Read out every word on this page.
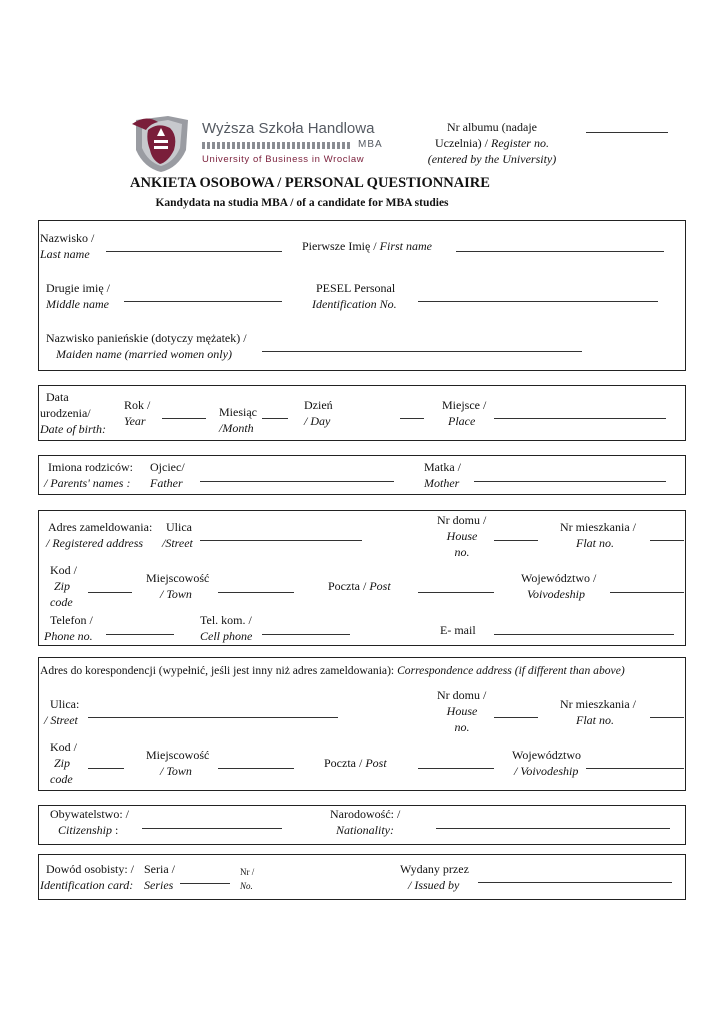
Wyższa Szkoła Handlowa
MBA
University of Business in Wroclaw
Nr albumu (nadaje
Uczelnia) / Register no.
(entered by the University)
ANKIETA OSOBOWA / PERSONAL QUESTIONNAIRE
Kandydata na studia MBA / of a candidate for MBA studies
Nazwisko /
Last name
Pierwsze Imię / First name
Drugie imię /
Middle name
PESEL Personal
Identification No.
Nazwisko panieńskie (dotyczy mężatek) /
Maiden name (married women only)
Data
urodzenia/
Date of birth:
Rok /
Year
Miesiąc
/Month
Dzień
/ Day
Miejsce /
Place
Imiona rodziców:
/ Parents' names :
Ojciec/
Father
Matka /
Mother
Adres zameldowania:
/ Registered address
Ulica
/Street
Nr domu /
House
no.
Nr mieszkania /
Flat no.
Kod /
Zip
code
Miejscowość
/ Town
Poczta / Post
Województwo /
Voivodeship
Telefon /
Phone no.
Tel. kom. /
Cell phone	E- mail
Adres do korespondencji (wypełnić, jeśli jest inny niż adres zameldowania): Correspondence address (if different than above)
Ulica:
/ Street
Nr domu /
House
no.
Nr mieszkania /
Flat no.
Kod /
Zip
code
Miejscowość
/ Town
Poczta / Post
Województwo
/ Voivodeship
Obywatelstwo: /
Citizenship :
Narodowość: /
Nationality:
Dowód osobisty: /
Identification card:
Seria /
Series
Nr /
No.
Wydany przez
/ Issued by
